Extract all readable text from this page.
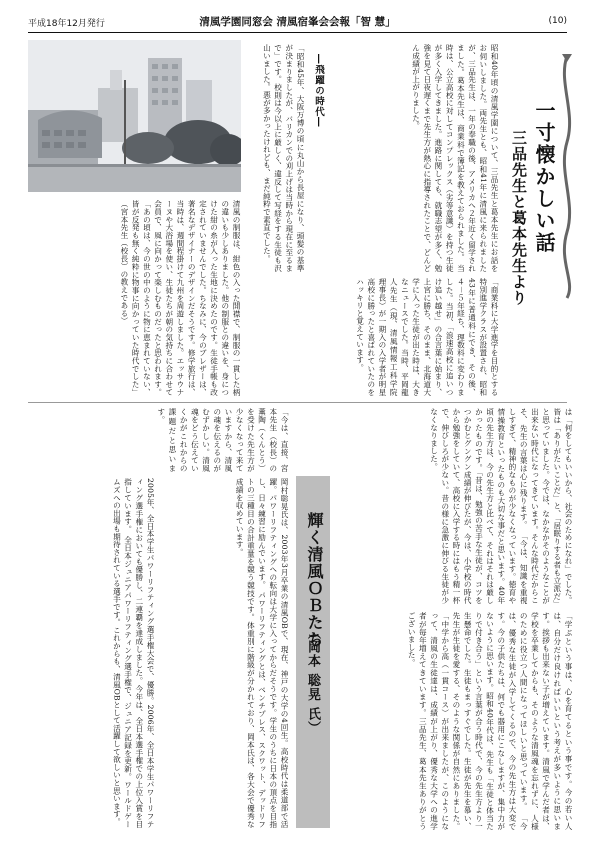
平成18年12月発行	清風学園同窓会 清風宿峯会会報「智 慧」	(10)
一寸懐かしい話
三品先生と葛本先生より
―飛躍の時代―	昭和40年頃の清風学園について、三品先生と葛本先生にお話をお伺いしました。両先生とも、昭和41年に清風に来られましたが、三品先生は、一年の奉職の後、アメリカへ２年近く留学されました。葛本先生は、商業科で簿記を教えておられました。 当時は、公立高校に対してコンプレックス（劣等意識）を持つ生徒が多く入学してきました。進路に関しても、就職志望が多く、勉強を見て日夜遅くまで先生方が熱心に指導されたことで、どんどん成績が上がりました。
「昭和45年、大阪万博の頃に丸山から長屋になり、頭髪の基準が決まりましたが、バリカンでの刈上げは当時から現在に至るまで」です。校則は今以上に厳しく、違反して写経をする生徒も沢山いました。悪が多かったけれども、まだ純粋で素直でした。
清風の制服は、紺色の入った開襟で、制服の一貫した柄の違いも少しありました。他の制服との違いを、身につけた紺の糸が入った生地に決めたのです。生徒手帳も改定されていませんでした。ちなみに、今のブレザーは、著名なデザイナーのデザインだそうです。修学旅行は、当時は、週間程掛けて九州を周遊しました。エッサウナーヌや大浴場を使い、生徒たちが朝の気持ちに合わせて会員で、風に向かって楽しむものだったと思われます。 「あの頃は、今の世の中のように物に恵まれていない、皆が反発も無く純粋に物事に向かっていた時代でした」（宮本先生（校長）の教えである）
「商業科に大学進学を目的とする特別進学クラスが設置され、昭和43年に普通科にでき、その後、４－５年経ち、理数科に変わりました。当初、「浪速高校に追いつけ追い越せ」の合言葉に始まり、上宮に勝ち、そのまま、北海道大学に入った生徒が出た時は、大きなニュースでした。当時、平岡龍人先生（現、清風情報工科学院 理事長）が一期入の入学者が明星高校に勝ったと喜ばれていたのをハッキリと覚えています。
は「何をしてもいいから、社会のためになれ」でした。皆は「ありがたいことだ」と、「居眠りする者も立派だ」と思っていました。今では、なかなかそのようなことが出来ない時代になってきています。そんな時代だからこそ、先生の言葉は心に残ります。 「今は、知識を重視しすぎて、精神的なものが少なくなっています。徳育や情操教育といったものも大切な事だと思います。40年頃の先生方は、今の先生方と比べて、それはそれは厳しかったものです。「昔は、勉強の苦手な生徒が、コツをつかむとグングン成績が伸びたが、今は、小学校の時代から勉強をしていて、高校に入学する時にはもう精一杯で、伸びしろが少ない。昔の様に急激に伸びる生徒が少なくなりました。
「今は、直接、宮本先生（校長）の薫陶（くんとう）を受けた先生方が少なくなって来ていますから、清風の魂を伝えるのがむずかしい。清風魂をどう伝えていくかがこれからの課題だと思います。
「学ぶという事は、心を育てるという事です。今の若い人は、自分だけ良ければいいという考えが多いように思います。挨拶も出来ない子が増えています。清風で学んだ者は、学校を卒業してからも、そのような清風魂を忘れずに、人様のために役立つ人間になってほしいと思っています。 「今は、優秀な生徒が入学してくるので、今の先生方は大変です。今の子供たちは、何でも器用にこなしますが、集中力がないように思います。昭和40年代は、先生も「生徒と体当たりで付き合う」という言葉が合う時代で、今の先生方より一生懸命でした。生徒もまっすぐでした。生徒が先生を慕い、先生が生徒を愛する、そのような関係が自然にありました。 「中学から高（一貫コース）が出来ましたが、このようになって、清風の生徒達は、成績が上がり、優秀な大学への進学者が毎年増えてきています。三品先生、葛本先生ありがとうございました。
輝く清風ＯＢたち
（岡本 聡晃 氏）
岡村聡晃氏は、2003年3月卒業の清風OBで、現在、神戸の大学の4回生。高校時代は柔道部で活躍。パワーリフティングへの転向は大学に入ってからだそうです。学生のうちに日本の頂点を目指し、日々練習に励んでいます。 パワーリフティングとは、ベンチプレス、スクワット、デッドリフトの三種目の合計重量を競う競技です。体重別に階級が分かれており、岡本氏は、各大会で優秀な成績を収めています。
2005年、全日本学生パワーリフティング選手権大会で、優勝。2006年、全日本学生パワーリフティング選手権においても優勝し、二連覇を達成しました。今年は、全日本選手権での上位入賞を目指しています。 全日本ジュニアパワーリフティング選手権で、ジュニア記録を更新。ワールドゲームズへの出場も期待されている選手です。これからも、清風OBとして活躍して欲しいと思います。
